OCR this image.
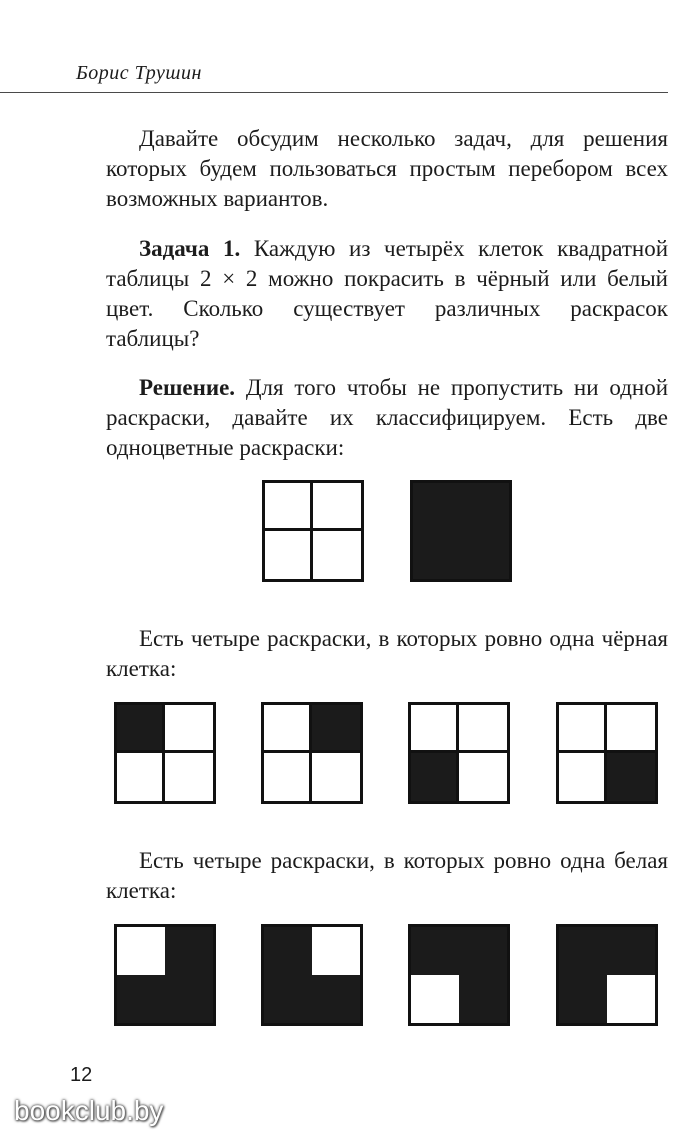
Борис Трушин

Давайте обсудим несколько задач, для решения которых будем пользоваться простым перебором всех возможных вариантов.

Задача 1. Каждую из четырёх клеток квадратной таблицы 2 × 2 можно покрасить в чёрный или белый цвет. Сколько существует различных раскрасок таблицы?

Решение. Для того чтобы не пропустить ни одной раскраски, давайте их классифицируем. Есть две одноцветные раскраски:

Есть четыре раскраски, в которых ровно одна чёрная клетка:

Есть четыре раскраски, в которых ровно одна белая клетка:

12
bookclub.by
